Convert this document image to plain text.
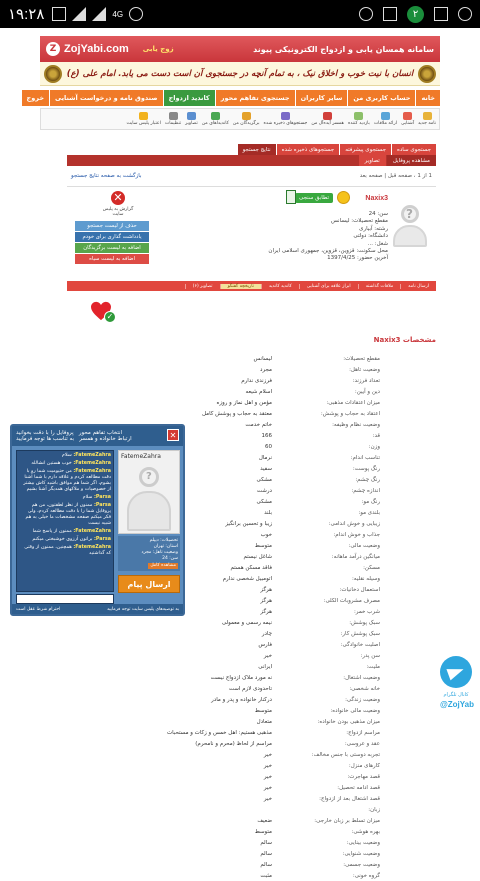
۱۹:۲۸	4G	۲
سامانه همسان یابی و ازدواج الکترونیکی پیوند
Z ZojYabi.com زوج یابی
انسان با نیت خوب و اخلاق نیک ، به تمام آنچه در جستجوی آن است دست می یابد. امام علی (ع)
خانه
حساب کاربری من
سایر کاربران
جستجوی تفاهم محور
کاندید ازدواج
صندوق نامه و درخواست آشنایی
خروج
نامه جدید
آشنایی
ارائه ملاقات
بازدید کننده
همسر آیده‌آل من
جستجوهای ذخیره شده
برگزیدگان من
کاندیداهای من
تصاویر
تنظیمات
اعتبار پلیس سایت
جستجوی ساده
جستجوی پیشرفته
جستجوهای ذخیره شده
نتایج جستجو
مشاهده پروفایل
تصاویر
1 از 1 ، صفحه قبل | صفحه بعد
بازگشت به صفحه نتایج جستجو
?
Naxix3
تطابق سنجی
سن: 24
مقطع تحصیلات: لیسانس
رشته: آبیاری
دانشگاه: دولتی
شغل: ...
محل سکونت: قزوین، قزوین، جمهوری اسلامی ایران
آخرین حضور: 1397/4/25
✕
گزارش به پلیس سایت
حذف از لیست جستجو
یادداشت گذاری برای خودم
اضافه به لیست برگزیدگان
اضافه به لیست سیاه
ارسال نامه
ملاقات گذاشته
ابراز علاقه برای آشنایی
کاندید کاندید
تاریخچه گفتگو
تصاویر (۶)
✓
مشخصات Naxix3
مقطع تحصیلات:
لیسانس
وضعیت تاهل:
مجرد
تعداد فرزند:
فرزندی ندارم
دین و آیین:
اسلام شیعه
میزان اعتقادات مذهبی:
مؤمن و اهل نماز و روزه
اعتقاد به حجاب و پوشش:
معتقد به حجاب و پوشش کامل
وضعیت نظام وظیفه:
خاتم خدمت
قد:
166
وزن:
60
تناسب اندام:
نرمال
رنگ پوست:
سفید
رنگ چشم:
مشکی
اندازه چشم:
درشت
رنگ مو:
مشکی
بلندی مو:
بلند
زیبایی و خوش اندامی:
زیبا و تحسین برانگیز
جذاب و خوش اندام:
خوب
وضعیت مالی:
متوسط
میانگین درآمد ماهانه:
شاغل نیستم
مسکن:
فاقد مسکن هستم
وسیله نقلیه:
اتومبیل شخصی ندارم
استعمال دخانیات:
هرگز
مصرف مشروبات الکلی:
هرگز
شرب خمر:
هرگز
سبک پوشش:
نیمه رسمی و معمولی
سبک پوشش کار:
چادر
اصلیت خانوادگی:
فارس
سن پدر:
خیر
ملیت:
ایرانی
وضعیت اشتغال:
نه مورد ملاک ازدواج نیست
خانه شخصی:
تاحدودی لازم است
وضعیت زندگی:
درکنار خانواده و پدر و مادر
وضعیت مالی خانواده:
متوسط
میزان مذهبی بودن خانواده:
متعادل
مراسم ازدواج:
مذهبی هستیم: اهل خمس و زکات و مستحبات
عقد و عروسی:
مراسم از لحاظ (محرم و نامحرم)
تجربه دوستی با جنس مخالف:
خیر
کارهای منزل:
خیر
قصد مهاجرت:
خیر
قصد ادامه تحصیل:
خیر
قصد اشتغال بعد از ازدواج:
خیر
زبان:
میزان تسلط بر زبان خارجی:
ضعیف
بهره هوشی:
متوسط
وضعیت بینایی:
سالم
وضعیت شنوایی:
سالم
وضعیت جسمی:
سالم
گروه خونی:
مثبت
انتخاب تفاهم محور   پروفایل را با دقت بخوانید
ارتباط خانواده و همسر   به تناسب ها توجه فرمایید	✕
FatemeZahra: سلام
FatemeZahra: خوب هستین انشالله
FatemeZahra: من حتیومیت شما رو با دقت مطالعه کردم و علاقه دارم با شما آشنا بشوم، اگر شما هم موافق باشید کاش بیشتر از خصوصیات و ملاکهای همدیگر آشنا بشیم
Parsa: سلام
Parsa: ممنون از نظر لطفتون، من هم پروفایل شما را با دقت مطالعه کردم، ولی فکر میکنم صفحه مشخصات ما خیلی به هم شبیه نیست
FatemeZahra: ممنون از پاسخ شما
Parsa: براتون آرزوی خوشبختی میکنم
FatemeZahra: همچنین، ممنون از وقتی که گذاشتید
FatemeZahra
?
تحصیلات: دیپلم
استان: تهران
وضعیت تاهل: مجرد
سن: 24
مشاهده کامل
ارسال پیام
به توصیه‌های پلیس سایت توجه فرمایید
احترام شرط عقل است
کانال تلگرام
@ZojYab
